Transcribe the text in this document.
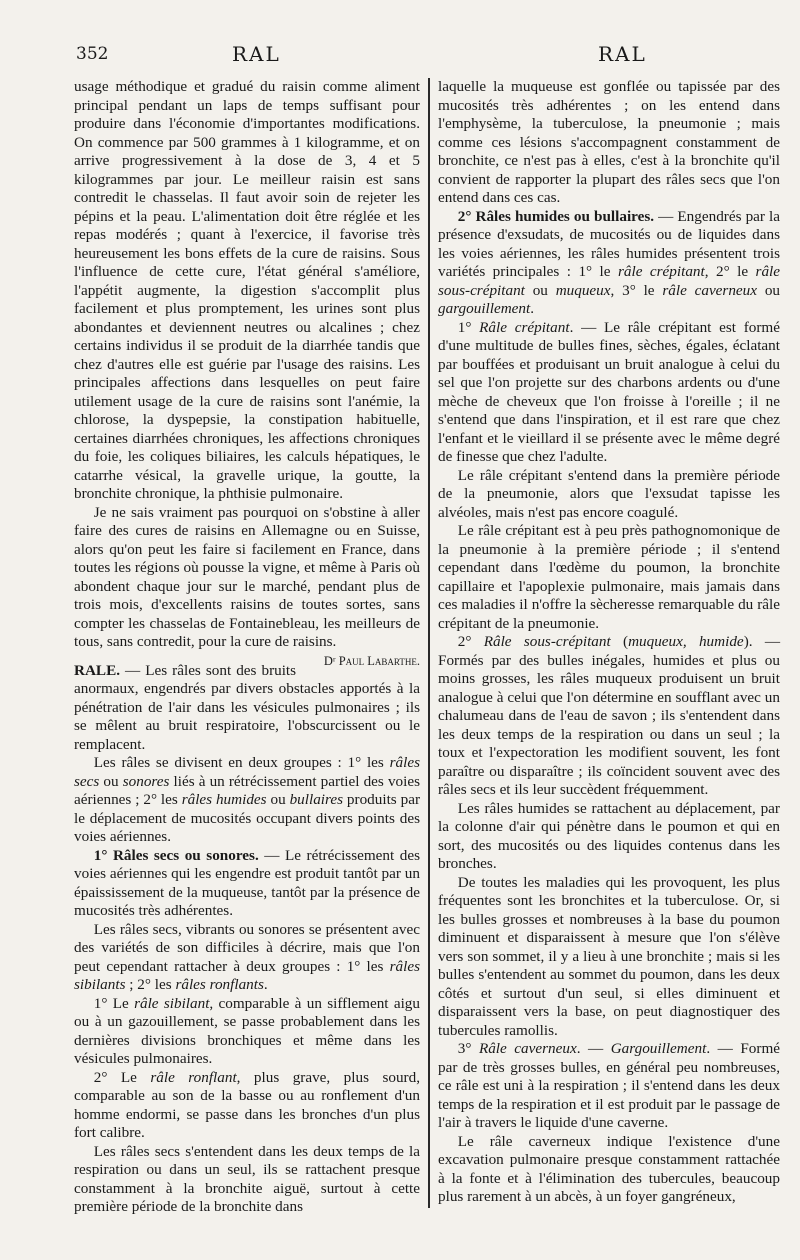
352	RAL	RAL

usage méthodique et gradué du raisin comme aliment principal pendant un laps de temps suffisant pour produire dans l'économie d'importantes modifications. On commence par 500 grammes à 1 kilogramme, et on arrive progressivement à la dose de 3, 4 et 5 kilogrammes par jour. Le meilleur raisin est sans contredit le chasselas. Il faut avoir soin de rejeter les pépins et la peau. L'alimentation doit être réglée et les repas modérés ; quant à l'exercice, il favorise très heureusement les bons effets de la cure de raisins. Sous l'influence de cette cure, l'état général s'améliore, l'appétit augmente, la digestion s'accomplit plus facilement et plus promptement, les urines sont plus abondantes et deviennent neutres ou alcalines ; chez certains individus il se produit de la diarrhée tandis que chez d'autres elle est guérie par l'usage des raisins. Les principales affections dans lesquelles on peut faire utilement usage de la cure de raisins sont l'anémie, la chlorose, la dyspepsie, la constipation habituelle, certaines diarrhées chroniques, les affections chroniques du foie, les coliques biliaires, les calculs hépatiques, le catarrhe vésical, la gravelle urique, la goutte, la bronchite chronique, la phthisie pulmonaire.

Je ne sais vraiment pas pourquoi on s'obstine à aller faire des cures de raisins en Allemagne ou en Suisse, alors qu'on peut les faire si facilement en France, dans toutes les régions où pousse la vigne, et même à Paris où abondent chaque jour sur le marché, pendant plus de trois mois, d'excellents raisins de toutes sortes, sans compter les chasselas de Fontainebleau, les meilleurs de tous, sans contredit, pour la cure de raisins.
Dʳ Paul Labarthe.

RALE. — Les râles sont des bruits anormaux, engendrés par divers obstacles apportés à la pénétration de l'air dans les vésicules pulmonaires ; ils se mêlent au bruit respiratoire, l'obscurcissent ou le remplacent.

Les râles se divisent en deux groupes : 1° les râles secs ou sonores liés à un rétrécissement partiel des voies aériennes ; 2° les râles humides ou bullaires produits par le déplacement de mucosités occupant divers points des voies aériennes.

1° Râles secs ou sonores. — Le rétrécissement des voies aériennes qui les engendre est produit tantôt par un épaississement de la muqueuse, tantôt par la présence de mucosités très adhérentes.

Les râles secs, vibrants ou sonores se présentent avec des variétés de son difficiles à décrire, mais que l'on peut cependant rattacher à deux groupes : 1° les râles sibilants ; 2° les râles ronflants.

1° Le râle sibilant, comparable à un sifflement aigu ou à un gazouillement, se passe probablement dans les dernières divisions bronchiques et même dans les vésicules pulmonaires.

2° Le râle ronflant, plus grave, plus sourd, comparable au son de la basse ou au ronflement d'un homme endormi, se passe dans les bronches d'un plus fort calibre.

Les râles secs s'entendent dans les deux temps de la respiration ou dans un seul, ils se rattachent presque constamment à la bronchite aiguë, surtout à cette première période de la bronchite dans

laquelle la muqueuse est gonflée ou tapissée par des mucosités très adhérentes ; on les entend dans l'emphysème, la tuberculose, la pneumonie ; mais comme ces lésions s'accompagnent constamment de bronchite, ce n'est pas à elles, c'est à la bronchite qu'il convient de rapporter la plupart des râles secs que l'on entend dans ces cas.

2° Râles humides ou bullaires. — Engendrés par la présence d'exsudats, de mucosités ou de liquides dans les voies aériennes, les râles humides présentent trois variétés principales : 1° le râle crépitant, 2° le râle sous-crépitant ou muqueux, 3° le râle caverneux ou gargouillement.

1° Râle crépitant. — Le râle crépitant est formé d'une multitude de bulles fines, sèches, égales, éclatant par bouffées et produisant un bruit analogue à celui du sel que l'on projette sur des charbons ardents ou d'une mèche de cheveux que l'on froisse à l'oreille ; il ne s'entend que dans l'inspiration, et il est rare que chez l'enfant et le vieillard il se présente avec le même degré de finesse que chez l'adulte.

Le râle crépitant s'entend dans la première période de la pneumonie, alors que l'exsudat tapisse les alvéoles, mais n'est pas encore coagulé.

Le râle crépitant est à peu près pathognomonique de la pneumonie à la première période ; il s'entend cependant dans l'œdème du poumon, la bronchite capillaire et l'apoplexie pulmonaire, mais jamais dans ces maladies il n'offre la sècheresse remarquable du râle crépitant de la pneumonie.

2° Râle sous-crépitant (muqueux, humide). — Formés par des bulles inégales, humides et plus ou moins grosses, les râles muqueux produisent un bruit analogue à celui que l'on détermine en soufflant avec un chalumeau dans de l'eau de savon ; ils s'entendent dans les deux temps de la respiration ou dans un seul ; la toux et l'expectoration les modifient souvent, les font paraître ou disparaître ; ils coïncident souvent avec des râles secs et ils leur succèdent fréquemment.

Les râles humides se rattachent au déplacement, par la colonne d'air qui pénètre dans le poumon et qui en sort, des mucosités ou des liquides contenus dans les bronches.

De toutes les maladies qui les provoquent, les plus fréquentes sont les bronchites et la tuberculose. Or, si les bulles grosses et nombreuses à la base du poumon diminuent et disparaissent à mesure que l'on s'élève vers son sommet, il y a lieu à une bronchite ; mais si les bulles s'entendent au sommet du poumon, dans les deux côtés et surtout d'un seul, si elles diminuent et disparaissent vers la base, on peut diagnostiquer des tubercules ramollis.

3° Râle caverneux. — Gargouillement. — Formé par de très grosses bulles, en général peu nombreuses, ce râle est uni à la respiration ; il s'entend dans les deux temps de la respiration et il est produit par le passage de l'air à travers le liquide d'une caverne.

Le râle caverneux indique l'existence d'une excavation pulmonaire presque constamment rattachée à la fonte et à l'élimination des tubercules, beaucoup plus rarement à un abcès, à un foyer gangréneux,
